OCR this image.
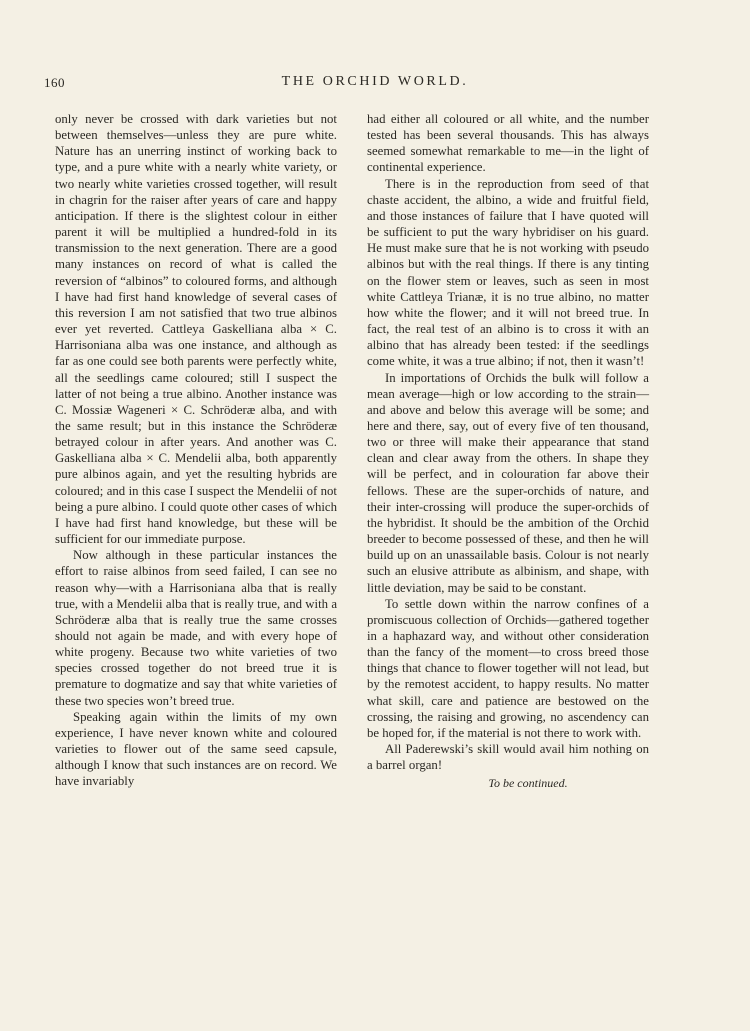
160	THE ORCHID WORLD.

only never be crossed with dark varieties but not between themselves—unless they are pure white. Nature has an unerring instinct of working back to type, and a pure white with a nearly white variety, or two nearly white varieties crossed together, will result in chagrin for the raiser after years of care and happy anticipation. If there is the slightest colour in either parent it will be multiplied a hundred-fold in its transmission to the next generation. There are a good many instances on record of what is called the reversion of “albinos” to coloured forms, and although I have had first hand knowledge of several cases of this reversion I am not satisfied that two true albinos ever yet reverted. Cattleya Gaskelliana alba × C. Harrisoniana alba was one instance, and although as far as one could see both parents were perfectly white, all the seedlings came coloured; still I suspect the latter of not being a true albino. Another instance was C. Mossiæ Wageneri × C. Schröderæ alba, and with the same result; but in this instance the Schröderæ betrayed colour in after years. And another was C. Gaskelliana alba × C. Mendelii alba, both apparently pure albinos again, and yet the resulting hybrids are coloured; and in this case I suspect the Mendelii of not being a pure albino. I could quote other cases of which I have had first hand knowledge, but these will be sufficient for our immediate purpose.

Now although in these particular instances the effort to raise albinos from seed failed, I can see no reason why—with a Harrisoniana alba that is really true, with a Mendelii alba that is really true, and with a Schröderæ alba that is really true the same crosses should not again be made, and with every hope of white progeny. Because two white varieties of two species crossed together do not breed true it is premature to dogmatize and say that white varieties of these two species won’t breed true.

Speaking again within the limits of my own experience, I have never known white and coloured varieties to flower out of the same seed capsule, although I know that such instances are on record. We have invariably

had either all coloured or all white, and the number tested has been several thousands. This has always seemed somewhat remarkable to me—in the light of continental experience.

There is in the reproduction from seed of that chaste accident, the albino, a wide and fruitful field, and those instances of failure that I have quoted will be sufficient to put the wary hybridiser on his guard. He must make sure that he is not working with pseudo albinos but with the real things. If there is any tinting on the flower stem or leaves, such as seen in most white Cattleya Trianæ, it is no true albino, no matter how white the flower; and it will not breed true. In fact, the real test of an albino is to cross it with an albino that has already been tested: if the seedlings come white, it was a true albino; if not, then it wasn’t!

In importations of Orchids the bulk will follow a mean average—high or low according to the strain—and above and below this average will be some; and here and there, say, out of every five of ten thousand, two or three will make their appearance that stand clean and clear away from the others. In shape they will be perfect, and in colouration far above their fellows. These are the super-orchids of nature, and their inter-crossing will produce the super-orchids of the hybridist. It should be the ambition of the Orchid breeder to become possessed of these, and then he will build up on an unassailable basis. Colour is not nearly such an elusive attribute as albinism, and shape, with little deviation, may be said to be constant.

To settle down within the narrow confines of a promiscuous collection of Orchids—gathered together in a haphazard way, and without other consideration than the fancy of the moment—to cross breed those things that chance to flower together will not lead, but by the remotest accident, to happy results. No matter what skill, care and patience are bestowed on the crossing, the raising and growing, no ascendency can be hoped for, if the material is not there to work with.

All Paderewski’s skill would avail him nothing on a barrel organ!

To be continued.
